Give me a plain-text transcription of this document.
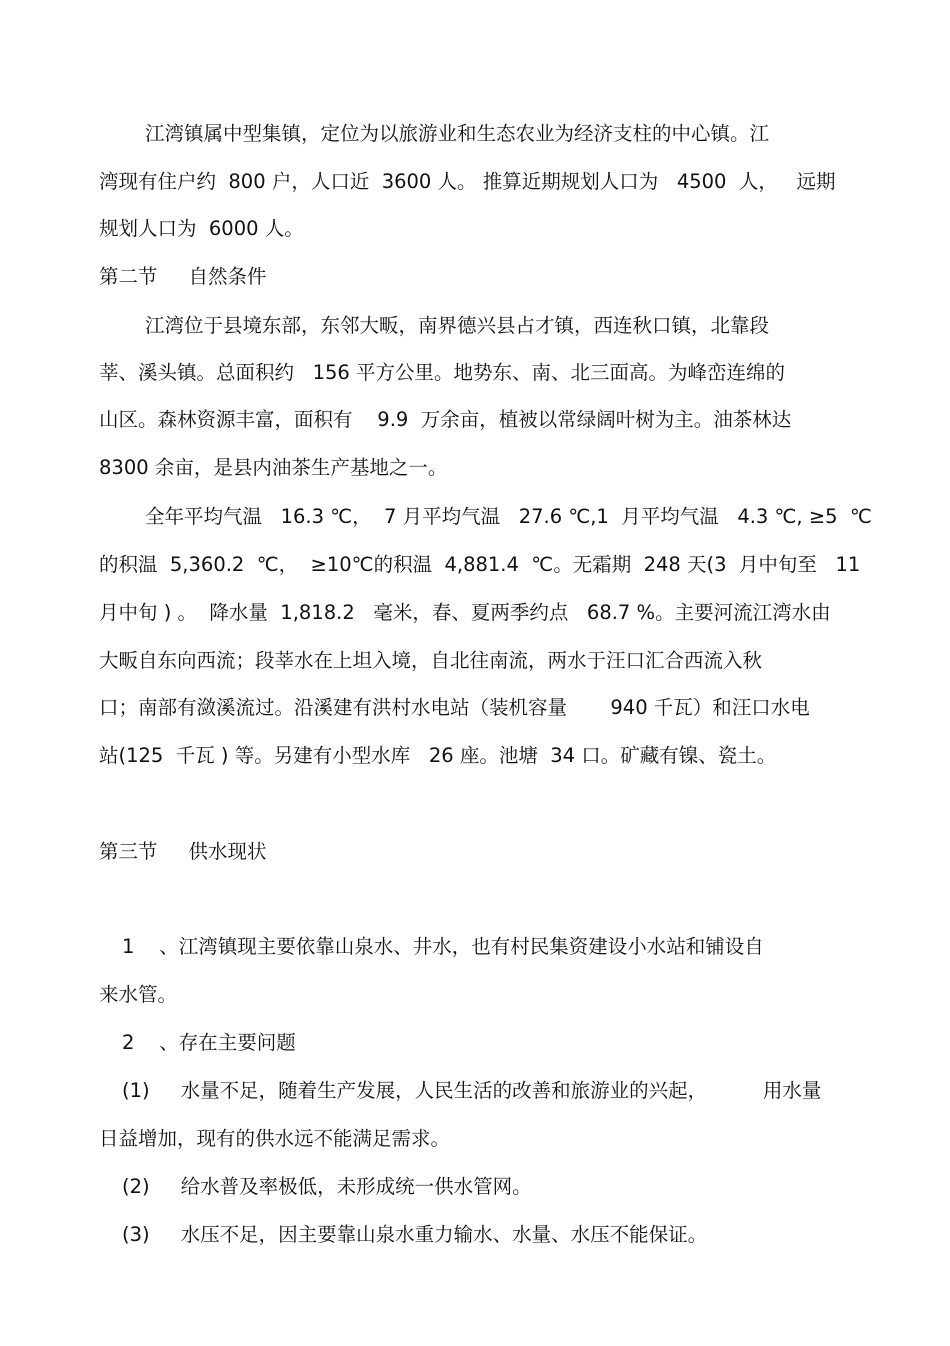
江湾镇属中型集镇，定位为以旅游业和生态农业为经济支柱的中心镇。江
湾现有住户约  800 户，人口近  3600 人。 推算近期规划人口为   4500  人，   远期
规划人口为  6000 人。
第二节     自然条件
江湾位于县境东部，东邻大畈，南界德兴县占才镇，西连秋口镇，北靠段
莘、溪头镇。总面积约   156 平方公里。地势东、南、北三面高。为峰峦连绵的
山区。森林资源丰富，面积有    9.9  万余亩，植被以常绿阔叶树为主。油茶林达
8300 余亩，是县内油茶生产基地之一。
全年平均气温   16.3 ℃，  7 月平均气温   27.6 ℃,1  月平均气温   4.3 ℃, ≥5  ℃
的积温  5,360.2  ℃，  ≥10℃的积温  4,881.4  ℃。无霜期  248 天(3  月中旬至   11
月中旬 ) 。  降水量  1,818.2   毫米，春、夏两季约点   68.7 %。主要河流江湾水由
大畈自东向西流；段莘水在上坦入境，自北往南流，两水于汪口汇合西流入秋
口；南部有潋溪流过。沿溪建有洪村水电站（装机容量       940 千瓦）和汪口水电
站(125  千瓦 ) 等。另建有小型水库   26 座。池塘  34 口。矿藏有镍、瓷土。
第三节     供水现状
1    、江湾镇现主要依靠山泉水、井水，也有村民集资建设小水站和铺设自
来水管。
2    、存在主要问题
(1)     水量不足，随着生产发展，人民生活的改善和旅游业的兴起，         用水量
日益增加，现有的供水远不能满足需求。
(2)     给水普及率极低，未形成统一供水管网。
(3)     水压不足，因主要靠山泉水重力输水、水量、水压不能保证。
